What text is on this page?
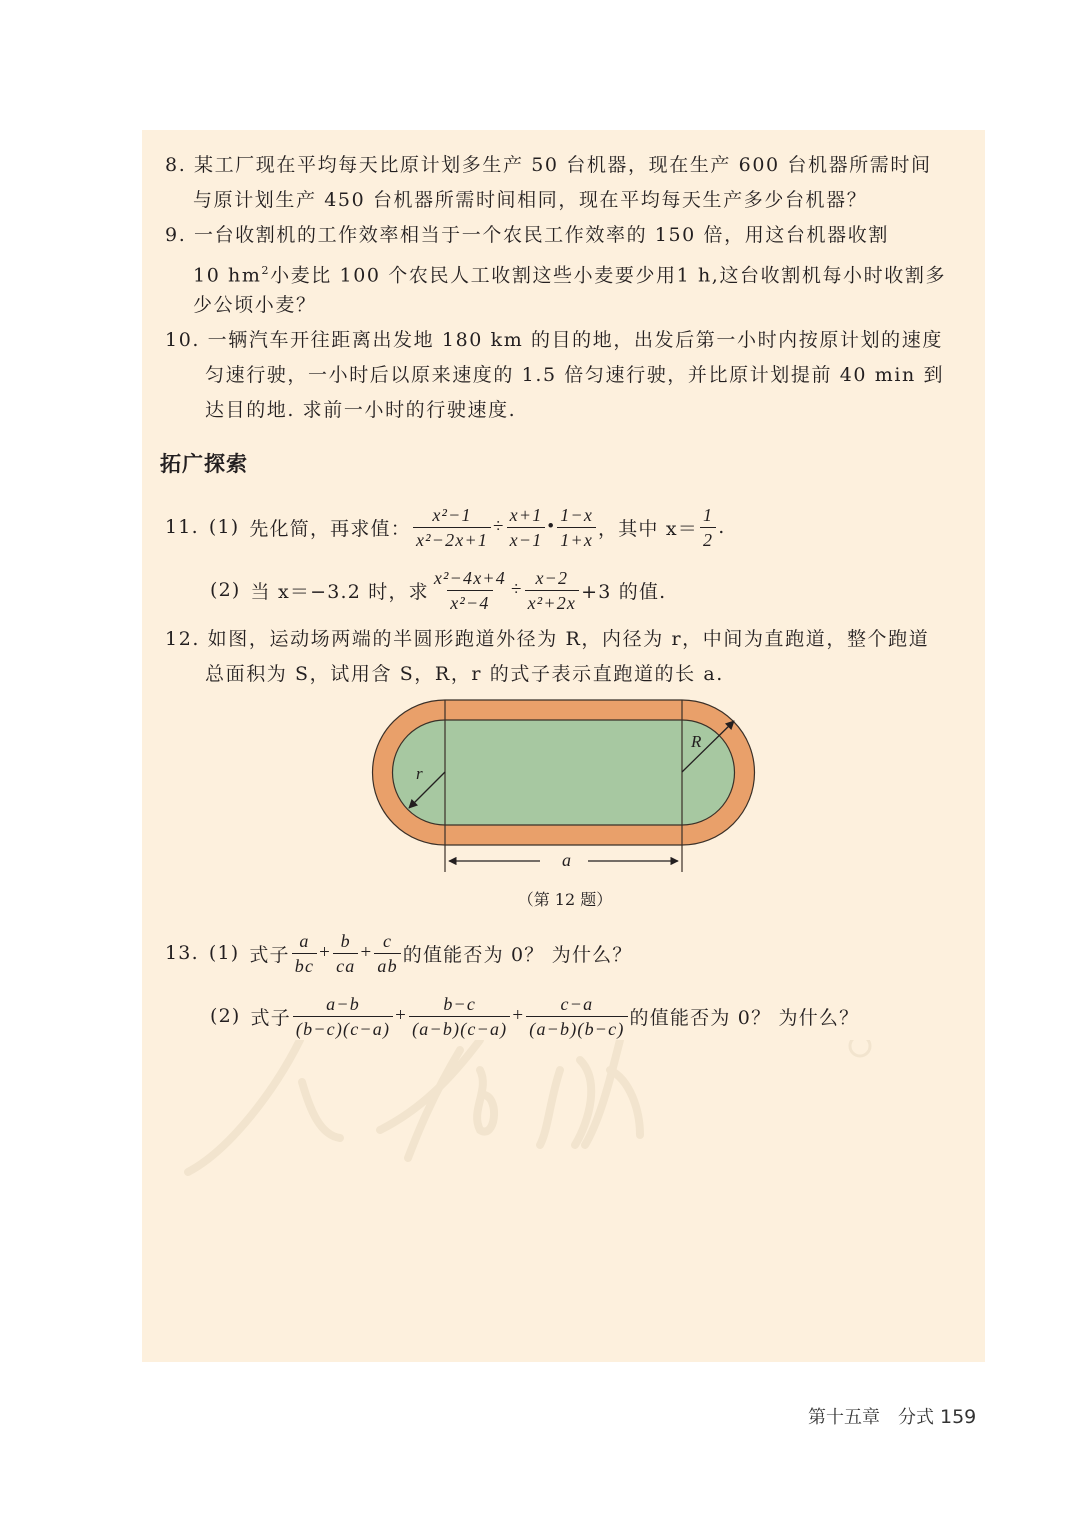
8. 某工厂现在平均每天比原计划多生产 50 台机器，现在生产 600 台机器所需时间
与原计划生产 450 台机器所需时间相同，现在平均每天生产多少台机器？
9. 一台收割机的工作效率相当于一个农民工作效率的 150 倍，用这台机器收割
10 $hm^2$小麦比 100 个农民人工收割这些小麦要少用1 h,这台收割机每小时收割多
少公顷小麦？
10. 一辆汽车开往距离出发地 180 km 的目的地，出发后第一小时内按原计划的速度
匀速行驶，一小时后以原来速度的 1.5 倍匀速行驶，并比原计划提前 40 min 到
达目的地. 求前一小时的行驶速度.
拓广探索
11. (1) 先化简，再求值： $\frac{\text{x²−1}}{\text{x²−2x+1}} \div \frac{x+1}{x-1}$ • $\frac{1-x}{1+x}$ ，其中 $x= \frac{1}{2}$ .
(2) 当 x＝−3.2 时，求 $\frac{\text{x²−4x+4}}{\text{x²−4}} \div \frac{x-2}{\text{x²+2x}} +3$ 的值.
12. 如图，运动场两端的半圆形跑道外径为 R，内径为 r，中间为直跑道，整个跑道
总面积为 S，试用含 S，R，r 的式子表示直跑道的长 a.
r
R
a
（第 12 题）
13. (1) 式子 $\frac{a}{bc} + \frac{b}{ca} + \frac{c}{ab}$ 的值能否为 0？ 为什么？
(2) 式子 $\frac{a-b}{(b-c)(c-a)} + \frac{b-c}{(a-b)(c-a)} + \frac{c-a}{(a-b)(b-c)}$ 的值能否为 0？ 为什么？
第十五章 分式 159
